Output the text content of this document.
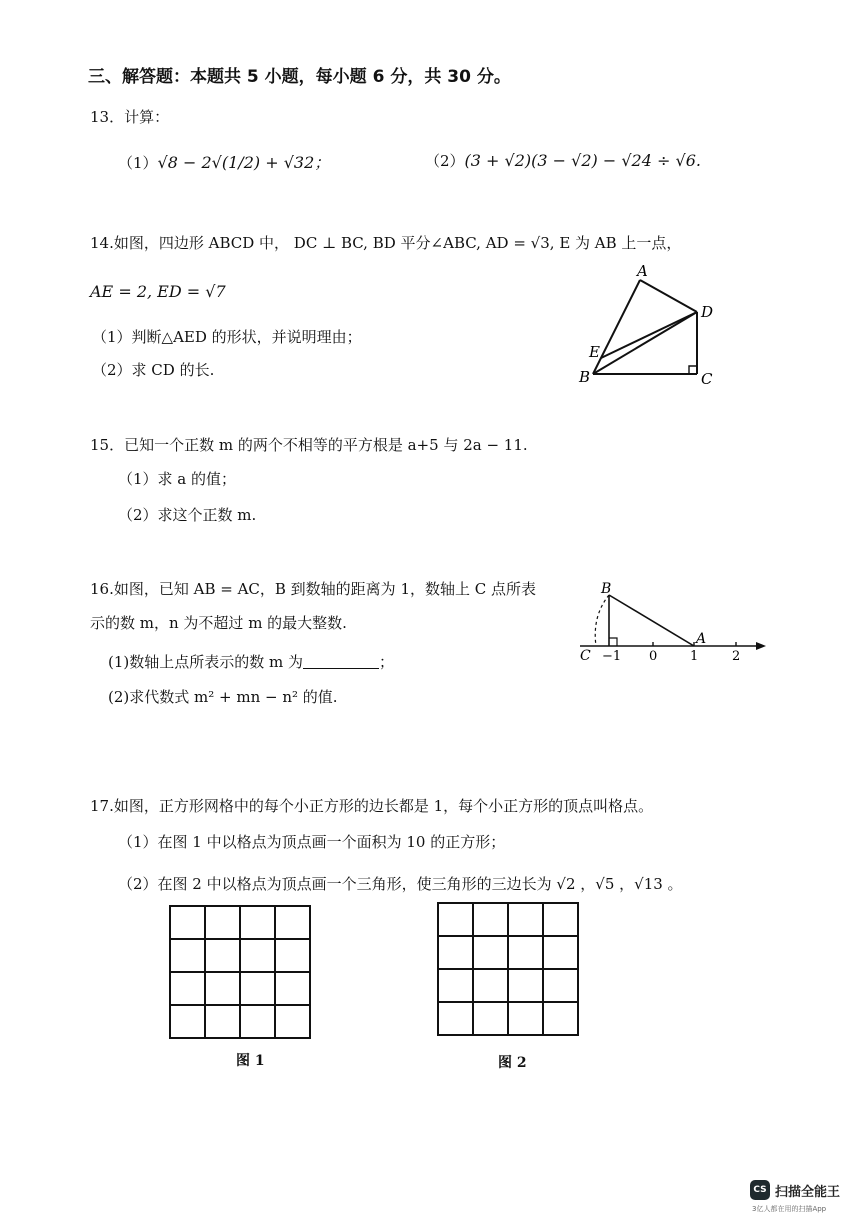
三、解答题：本题共 5 小题，每小题 6 分，共 30 分。
13．计算：
（1）√8 − 2√(1/2) + √32；	（2）(3 + √2)(3 − √2) − √24 ÷ √6.
14.如图，四边形 ABCD 中， DC ⊥ BC, BD 平分∠ABC, AD = √3, E 为 AB 上一点，
AE = 2, ED = √7
（1）判断△AED 的形状，并说明理由；
（2）求 CD 的长.
A
D
E
B	C
15．已知一个正数 m 的两个不相等的平方根是 a+5 与 2a − 11.
（1）求 a 的值；
（2）求这个正数 m.
16.如图，已知 AB = AC，B 到数轴的距离为 1，数轴上 C 点所表
示的数 m，n 为不超过 m 的最大整数.
(1)数轴上点所表示的数 m 为	；
(2)求代数式 m² + mn − n² 的值.
B
A
C −1 0	1	2
17.如图，正方形网格中的每个小正方形的边长都是 1，每个小正方形的顶点叫格点。
（1）在图 1 中以格点为顶点画一个面积为 10 的正方形；
（2）在图 2 中以格点为顶点画一个三角形，使三角形的三边长为 √2 ，√5 ，√13 。
图 1	图 2
CS 扫描全能王
3亿人都在用的扫描App
